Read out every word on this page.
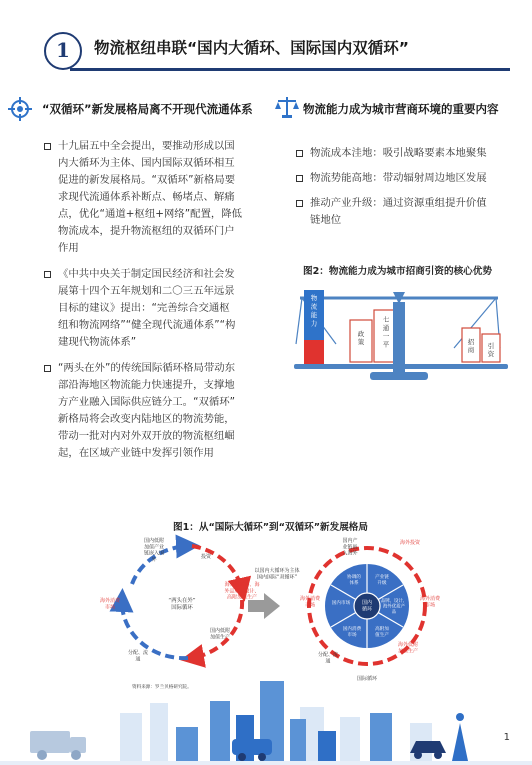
1	物流枢纽串联“国内大循环、国际国内双循环”
“双循环”新发展格局离不开现代流通体系
十九届五中全会提出，要推动形成以国
内大循环为主体、国内国际双循环相互
促进的新发展格局。“双循环”新格局要
求现代流通体系补断点、畅堵点、解痛
点，优化“通道+枢纽+网络”配置，降低
物流成本，提升物流枢纽的双循环门户
作用
《中共中央关于制定国民经济和社会发
展第十四个五年规划和二〇三五年远景
目标的建议》提出：“完善综合交通枢
纽和物流网络”“健全现代流通体系”“构
建现代物流体系”
“两头在外”的传统国际循环格局带动东
部沿海地区物流能力快速提升，支撑地
方产业融入国际供应链分工。“双循环”
新格局将会改变内陆地区的物流势能，
带动一批对内对外双开放的物流枢纽崛
起，在区域产业链中发挥引领作用
物流能力成为城市营商环境的重要内容
物流成本洼地：吸引战略要素本地聚集
物流势能高地：带动辐射周边地区发展
推动产业升级：通过资源重组提升价值
链地位
图2：物流能力成为城市招商引资的核心优势
物流能力
政策
七通一平	招商
引资
图1：从“国际大循环”到“双循环”新发展格局
“两头在外”国际循环
国内低附加值产业链嵌入国外	投资
海外原材料、海外品牌、设计、高附加值生产
国内低附加值生产
分配、流通
海外消费市场
资料来源：罗兰贝格研究院。
以国内大循环为主体国内国际“双循环”
国内循环
协调的体系
产业链升级
品牌、设计、海外优质产品
高附加值生产
国内消费市场
国内市场
国内产业链嵌入海外
海外投资
海外消费市场
海外低附加值生产
分配、流通
海外消费市场
国际循环
1
